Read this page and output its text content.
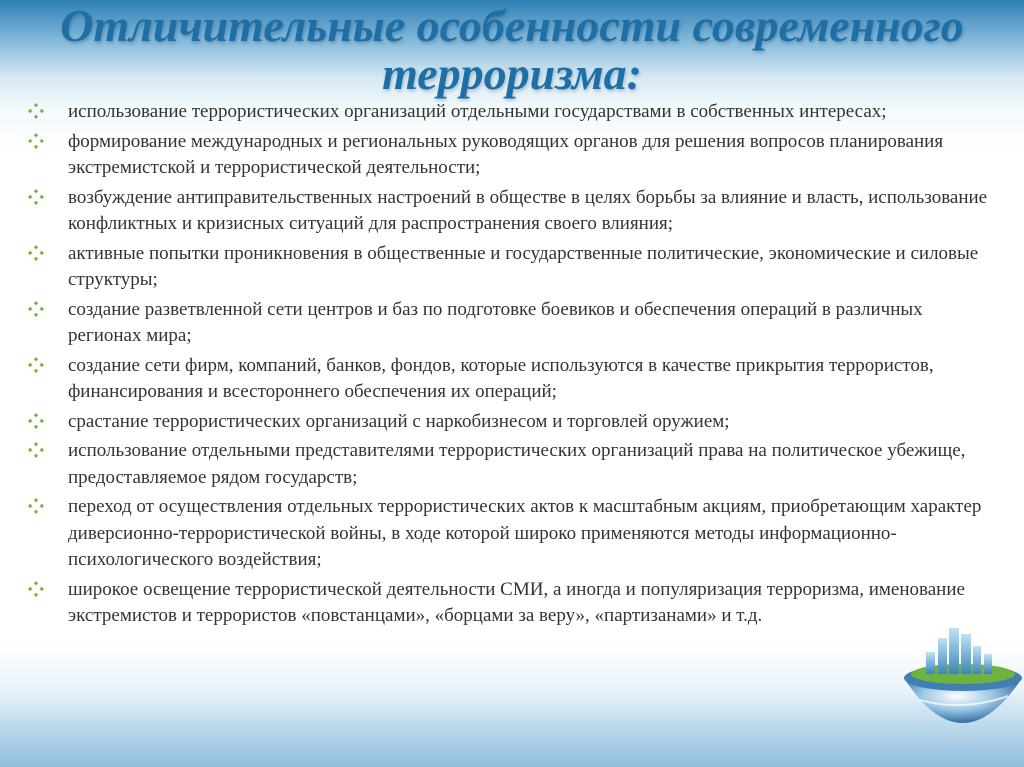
Отличительные особенности современного
терроризма:
использование террористических организаций отдельными государствами в собственных интересах;
формирование международных и региональных руководящих органов для решения вопросов планирования экстремистской и террористической деятельности;
возбуждение антиправительственных настроений в обществе в целях борьбы за влияние и власть, использование конфликтных и кризисных ситуаций для распространения своего влияния;
активные попытки проникновения в общественные и государственные политические, экономические и силовые структуры;
создание разветвленной сети центров и баз по подготовке боевиков и обеспечения операций в различных регионах мира;
создание сети фирм, компаний, банков, фондов, которые используются в качестве прикрытия террористов, финансирования и всестороннего обеспечения их операций;
срастание террористических организаций с наркобизнесом и торговлей оружием;
использование отдельными представителями террористических организаций права на политическое убежище, предоставляемое рядом государств;
переход от осуществления отдельных террористических актов к масштабным акциям, приобретающим характер диверсионно-террористической войны, в ходе которой широко применяются методы информационно-психологического воздействия;
широкое освещение террористической деятельности СМИ, а иногда и популяризация терроризма, именование экстремистов и террористов «повстанцами», «борцами за веру», «партизанами» и т.д.
